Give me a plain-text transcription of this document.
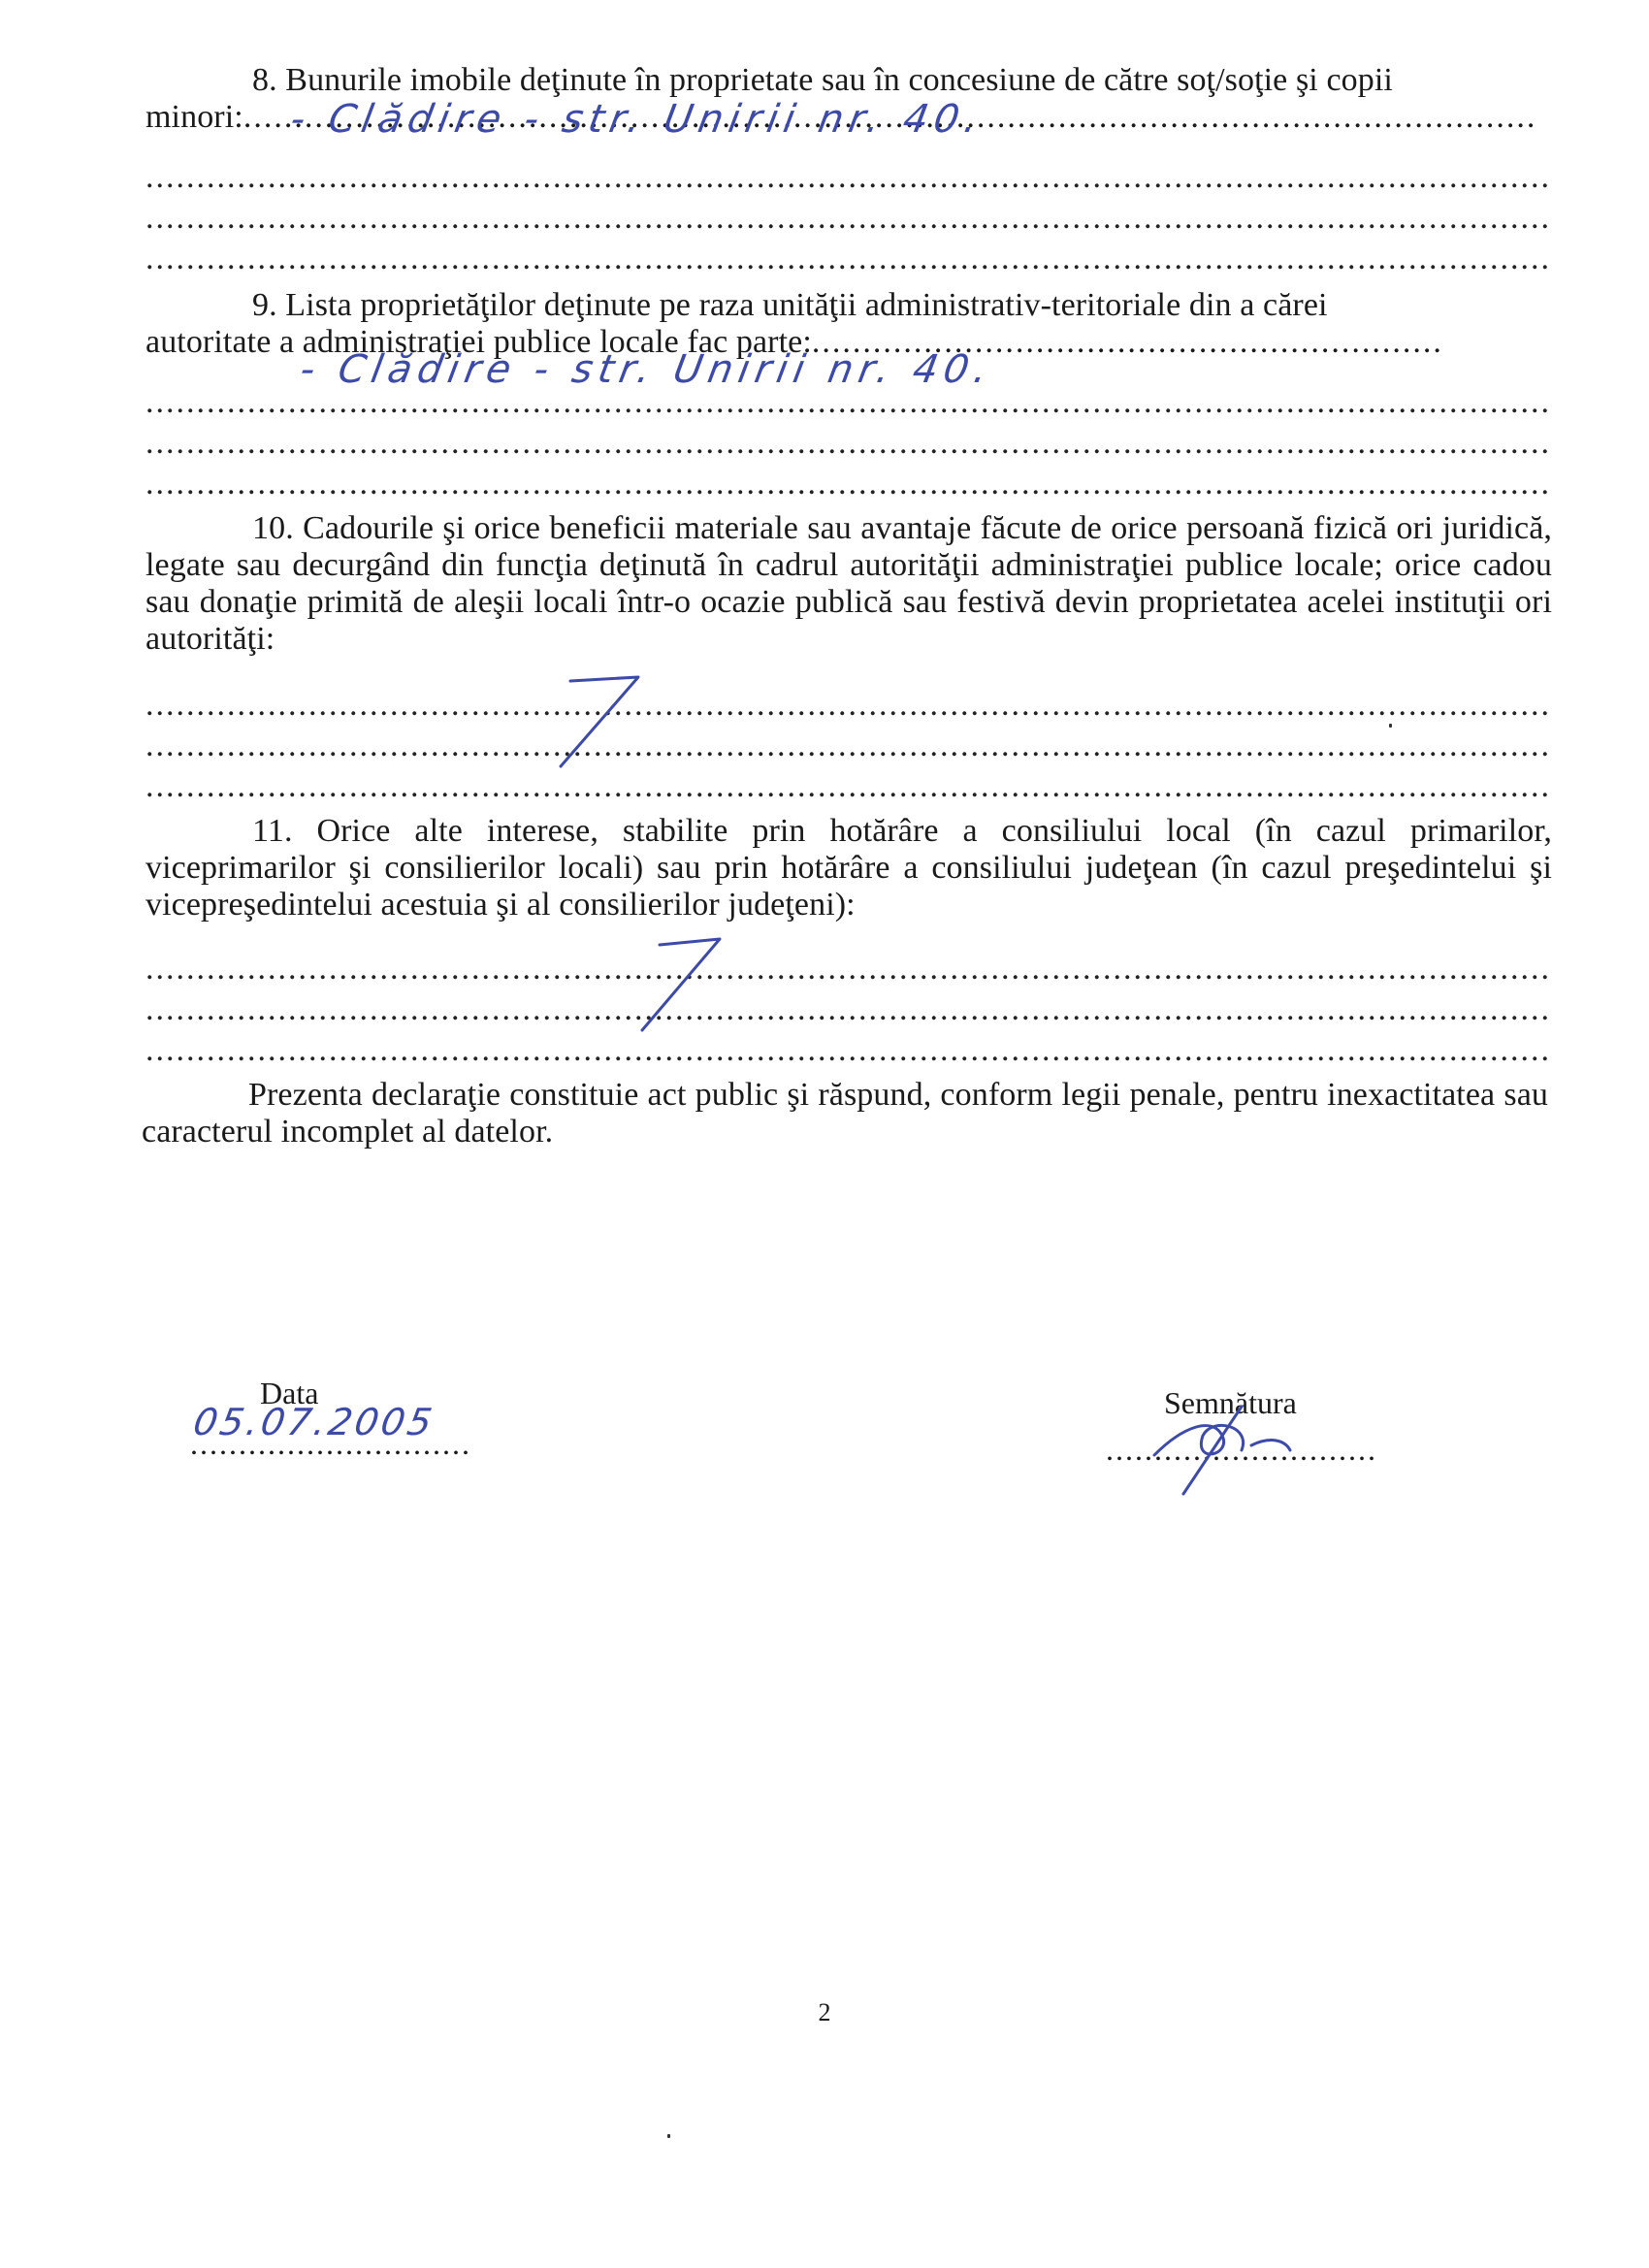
8. Bunurile imobile deţinute în proprietate sau în concesiune de către soţ/soţie şi copii
minori:.....	- Clădire - str. Unirii nr. 40.
.....
.....
.....
9. Lista proprietăţilor deţinute pe raza unităţii administrativ-teritoriale din a cărei
autoritate a administraţiei publice locale fac parte:.....
- Clădire - str. Unirii nr. 40.
.....
.....
.....
10. Cadourile şi orice beneficii materiale sau avantaje făcute de orice persoană fizică ori juridică, legate sau decurgând din funcţia deţinută în cadrul autorităţii administraţiei publice locale; orice cadou sau donaţie primită de aleşii locali într-o ocazie publică sau festivă devin proprietatea acelei instituţii ori autorităţi:
.....
.....
.....
11. Orice alte interese, stabilite prin hotărâre a consiliului local (în cazul primarilor, viceprimarilor şi consilierilor locali) sau prin hotărâre a consiliului judeţean (în cazul preşedintelui şi vicepreşedintelui acestuia şi al consilierilor judeţeni):
.....
.....
.....
Prezenta declaraţie constituie act public şi răspund, conform legii penale, pentru inexactitatea sau caracterul incomplet al datelor.
Data
05.07.2005
.....	Semnătura
.....
2
